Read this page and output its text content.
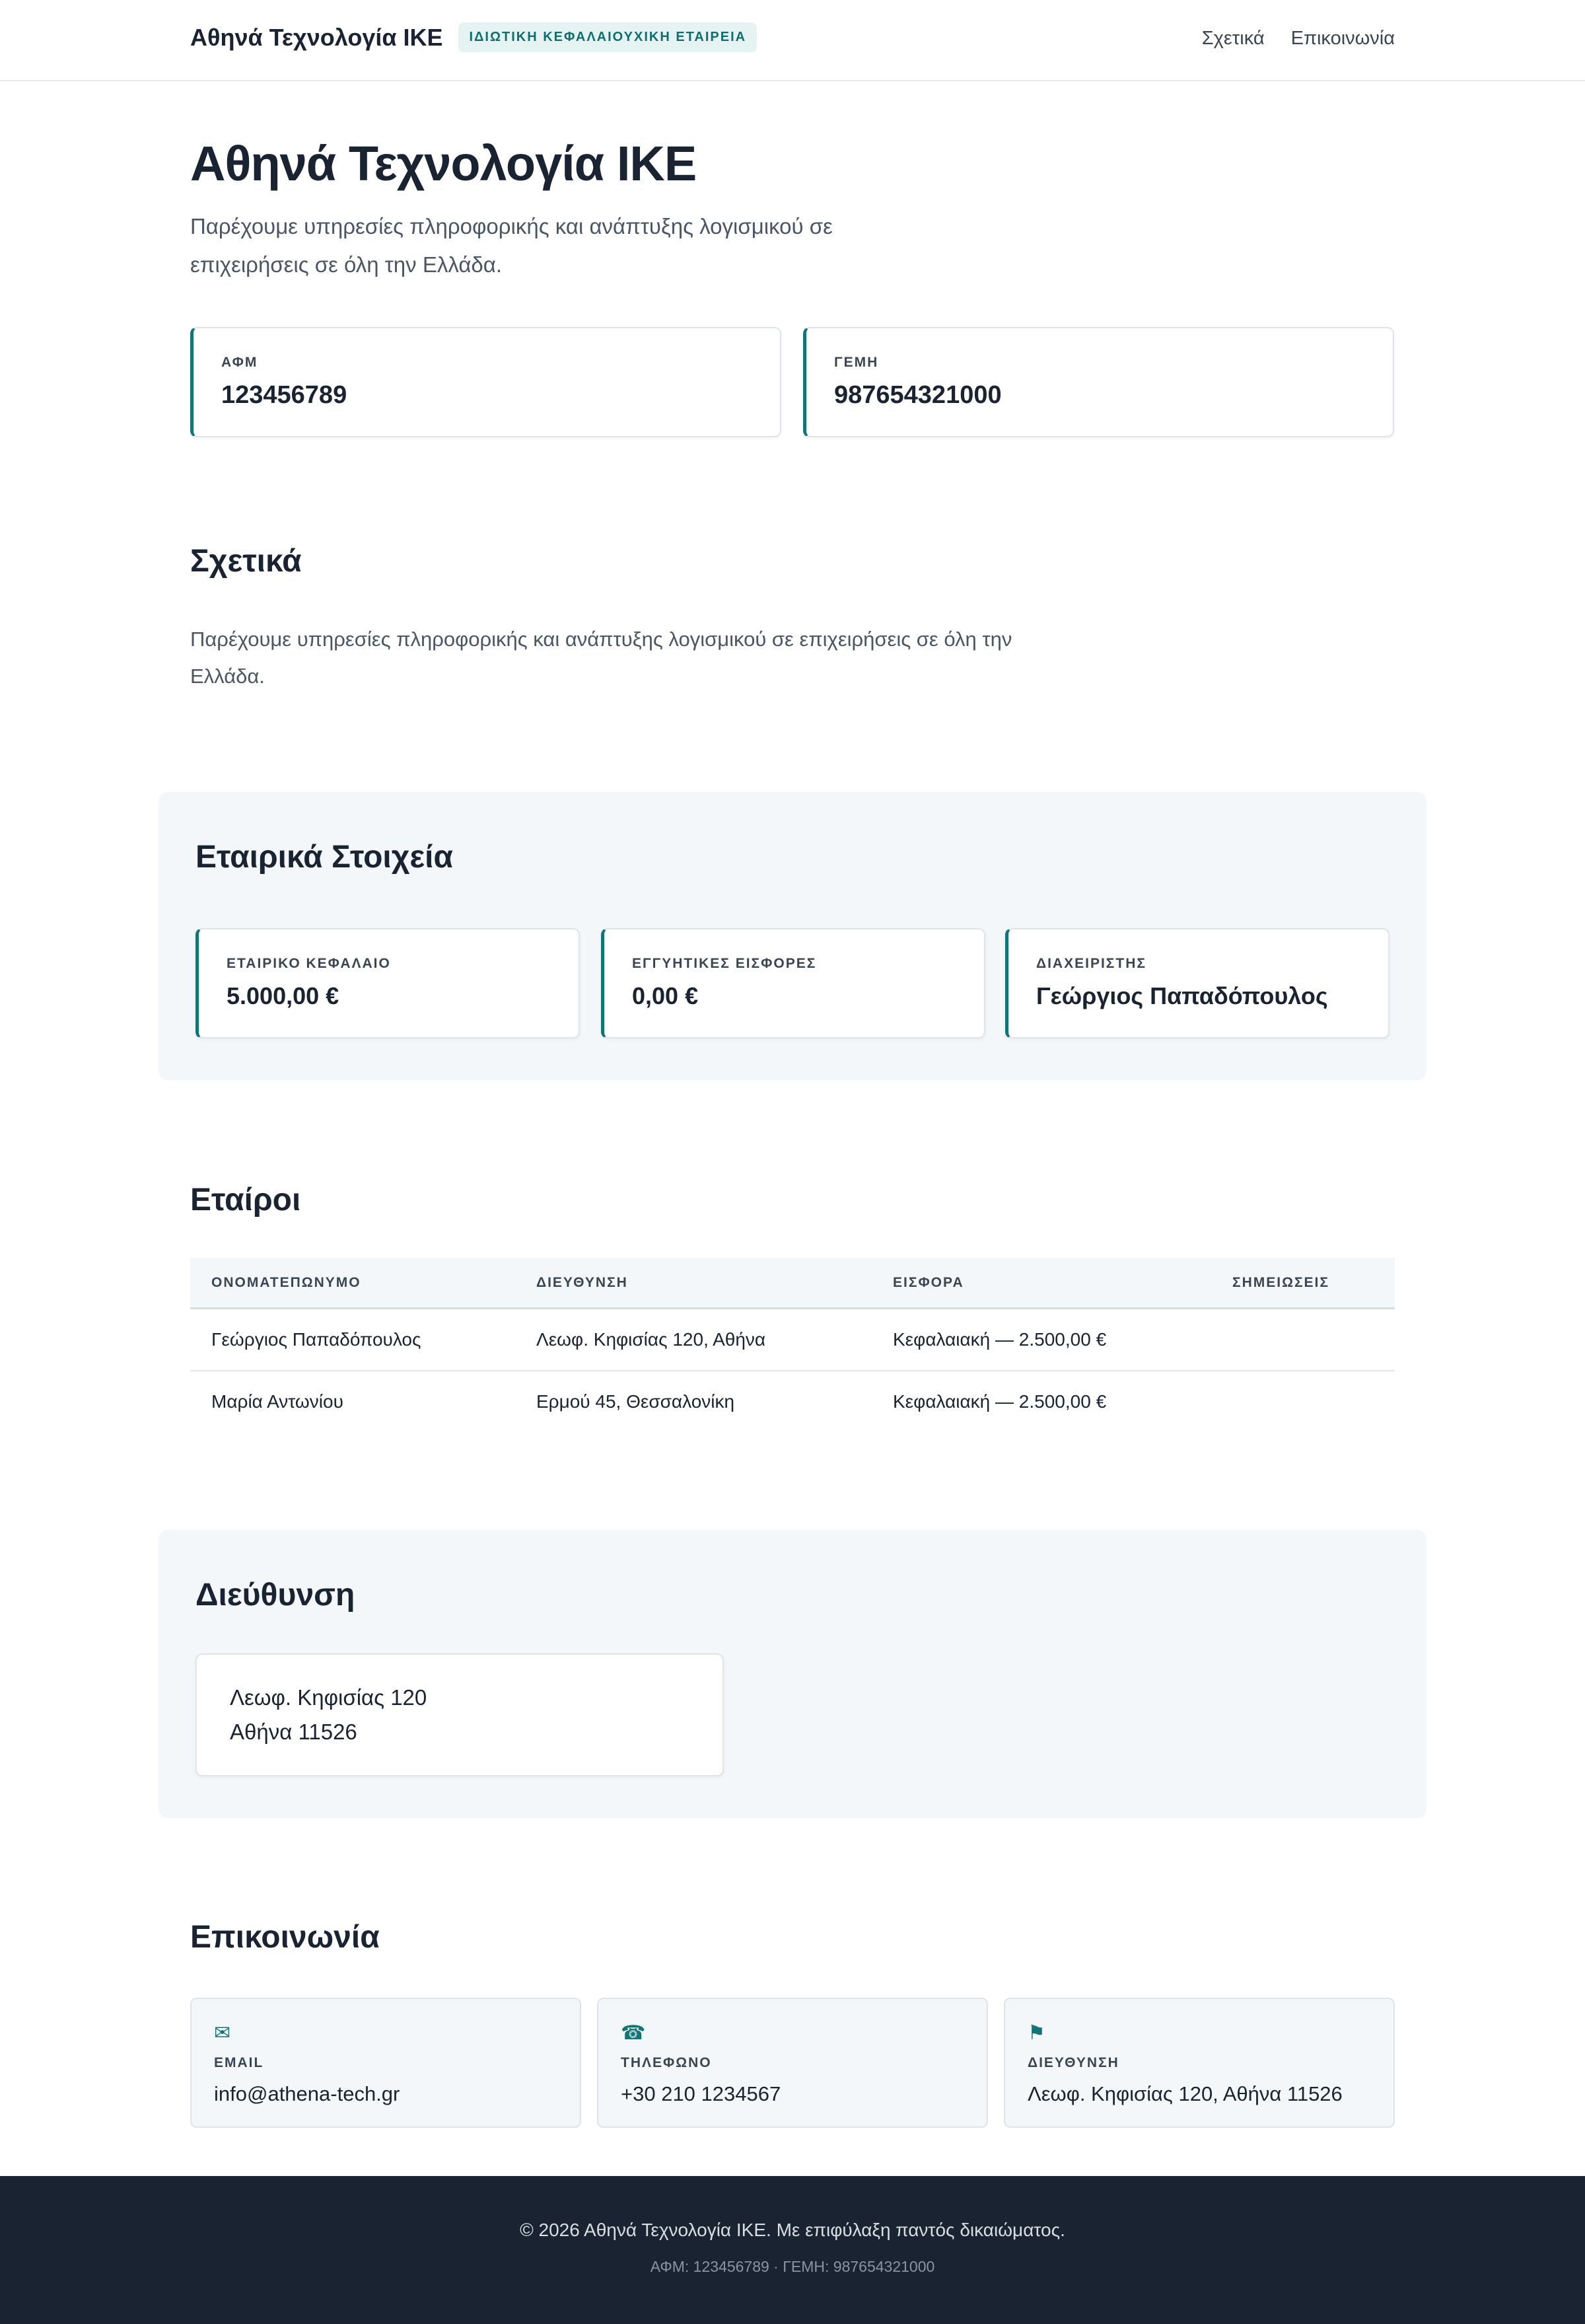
Αθηνά Τεχνολογία ΙΚΕ	ΙΔΙΩΤΙΚΗ ΚΕΦΑΛΑΙΟΥΧΙΚΗ ΕΤΑΙΡΕΙΑ	Σχετικά Επικοινωνία
Αθηνά Τεχνολογία ΙΚΕ

Παρέχουμε υπηρεσίες πληροφορικής και ανάπτυξης λογισμικού σε επιχειρήσεις σε όλη την Ελλάδα.

ΑΦΜ
123456789
ΓΕΜΗ
987654321000
Σχετικά

Παρέχουμε υπηρεσίες πληροφορικής και ανάπτυξης λογισμικού σε επιχειρήσεις σε όλη την Ελλάδα.

Εταιρικά Στοιχεία
ΕΤΑΙΡΙΚΟ ΚΕΦΑΛΑΙΟ
5.000,00 €
ΕΓΓΥΗΤΙΚΕΣ ΕΙΣΦΟΡΕΣ
0,00 €
ΔΙΑΧΕΙΡΙΣΤΗΣ
Γεώργιος Παπαδόπουλος
Εταίροι
ΟΝΟΜΑΤΕΠΩΝΥΜΟ	ΔΙΕΥΘΥΝΣΗ	ΕΙΣΦΟΡΑ	ΣΗΜΕΙΩΣΕΙΣ
Γεώργιος Παπαδόπουλος	Λεωφ. Κηφισίας 120, Αθήνα	Κεφαλαιακή — 2.500,00 €
Μαρία Αντωνίου	Ερμού 45, Θεσσαλονίκη	Κεφαλαιακή — 2.500,00 €
Διεύθυνση
Λεωφ. Κηφισίας 120
Αθήνα 11526
Επικοινωνία
✉
EMAIL
info@athena-tech.gr
☎
ΤΗΛΕΦΩΝΟ
+30 210 1234567
⚑
ΔΙΕΥΘΥΝΣΗ
Λεωφ. Κηφισίας 120, Αθήνα 11526
© 2026 Αθηνά Τεχνολογία ΙΚΕ. Με επιφύλαξη παντός δικαιώματος.
ΑΦΜ: 123456789 · ΓΕΜΗ: 987654321000
